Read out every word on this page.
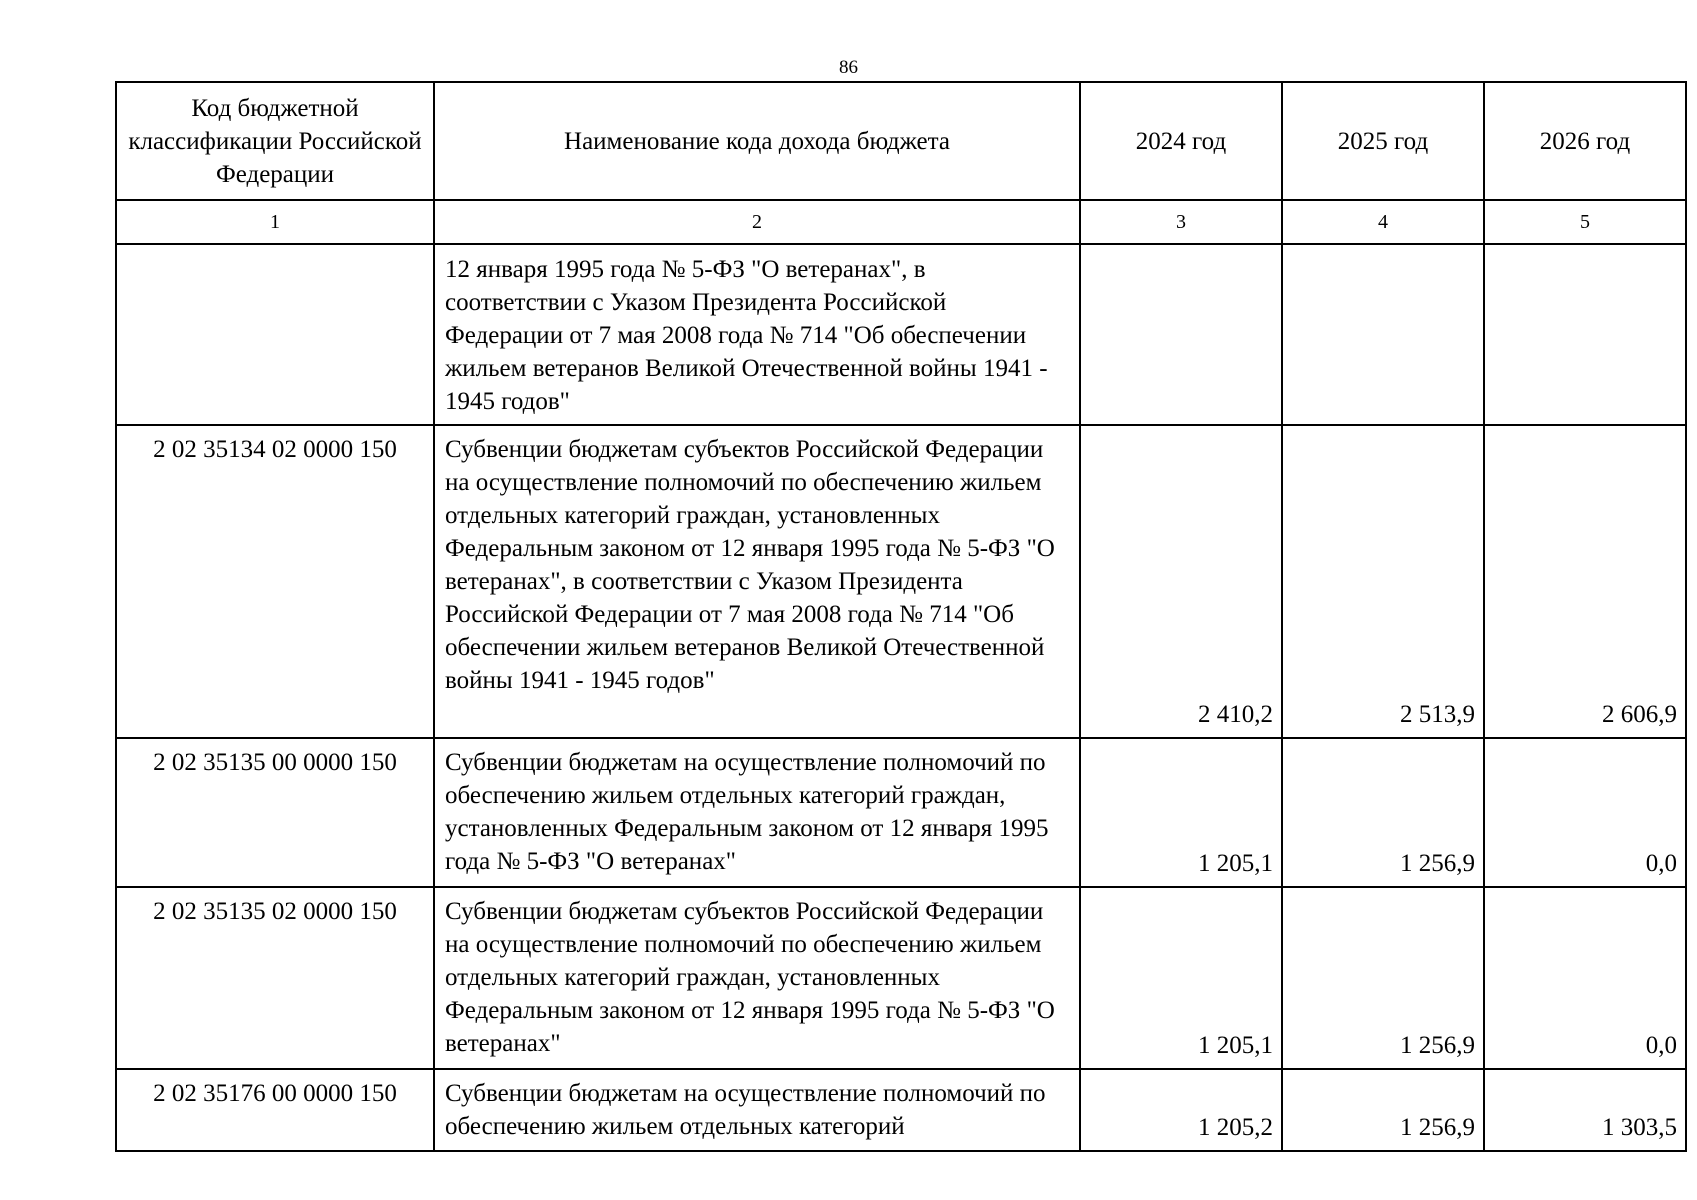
86
Код бюджетной классификации Российской Федерации	Наименование кода дохода бюджета	2024 год	2025 год	2026 год
1	2	3	4	5
	12 января 1995 года № 5-ФЗ "О ветеранах", в соответствии с Указом Президента Российской Федерации от 7 мая 2008 года № 714 "Об обеспечении жильем ветеранов Великой Отечественной войны 1941 - 1945 годов"			
2 02 35134 02 0000 150	Субвенции бюджетам субъектов Российской Федерации на осуществление полномочий по обеспечению жильем отдельных категорий граждан, установленных Федеральным законом от 12 января 1995 года № 5-ФЗ "О ветеранах", в соответствии с Указом Президента Российской Федерации от 7 мая 2008 года № 714 "Об обеспечении жильем ветеранов Великой Отечественной войны 1941 - 1945 годов"	2 410,2	2 513,9	2 606,9
2 02 35135 00 0000 150	Субвенции бюджетам на осуществление полномочий по обеспечению жильем отдельных категорий граждан, установленных Федеральным законом от 12 января 1995 года № 5-ФЗ "О ветеранах"	1 205,1	1 256,9	0,0
2 02 35135 02 0000 150	Субвенции бюджетам субъектов Российской Федерации на осуществление полномочий по обеспечению жильем отдельных категорий граждан, установленных Федеральным законом от 12 января 1995 года № 5-ФЗ "О ветеранах"	1 205,1	1 256,9	0,0
2 02 35176 00 0000 150	Субвенции бюджетам на осуществление полномочий по обеспечению жильем отдельных категорий	1 205,2	1 256,9	1 303,5
